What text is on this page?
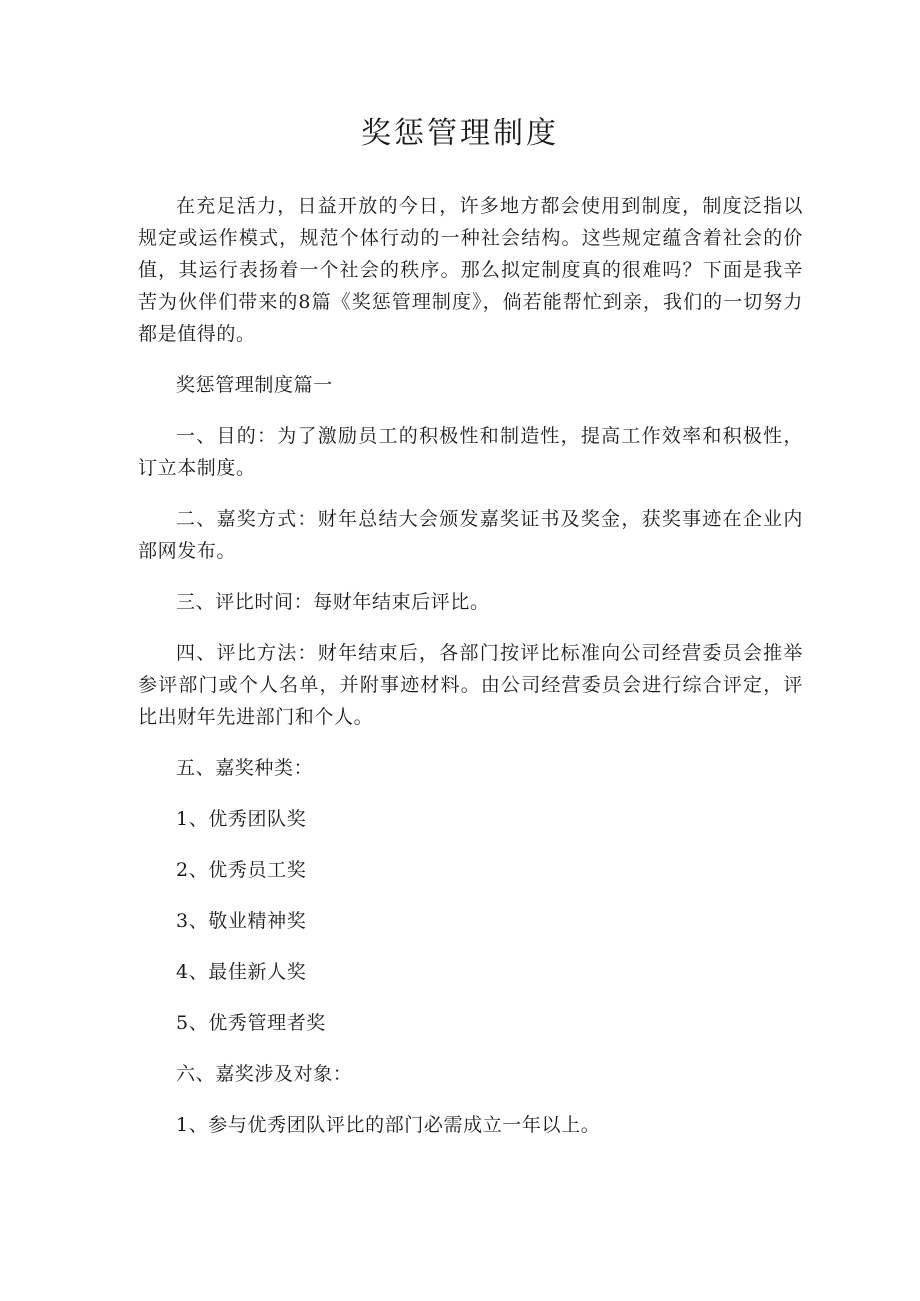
奖惩管理制度

在充足活力，日益开放的今日，许多地方都会使用到制度，制度泛指以规定或运作模式，规范个体行动的一种社会结构。这些规定蕴含着社会的价值，其运行表扬着一个社会的秩序。那么拟定制度真的很难吗？下面是我辛苦为伙伴们带来的8篇《奖惩管理制度》，倘若能帮忙到亲，我们的一切努力都是值得的。

奖惩管理制度篇一

一、目的：为了激励员工的积极性和制造性，提高工作效率和积极性，订立本制度。

二、嘉奖方式：财年总结大会颁发嘉奖证书及奖金，获奖事迹在企业内部网发布。

三、评比时间：每财年结束后评比。

四、评比方法：财年结束后，各部门按评比标准向公司经营委员会推举参评部门或个人名单，并附事迹材料。由公司经营委员会进行综合评定，评比出财年先进部门和个人。

五、嘉奖种类：

1、优秀团队奖

2、优秀员工奖

3、敬业精神奖

4、最佳新人奖

5、优秀管理者奖

六、嘉奖涉及对象：

1、参与优秀团队评比的部门必需成立一年以上。
